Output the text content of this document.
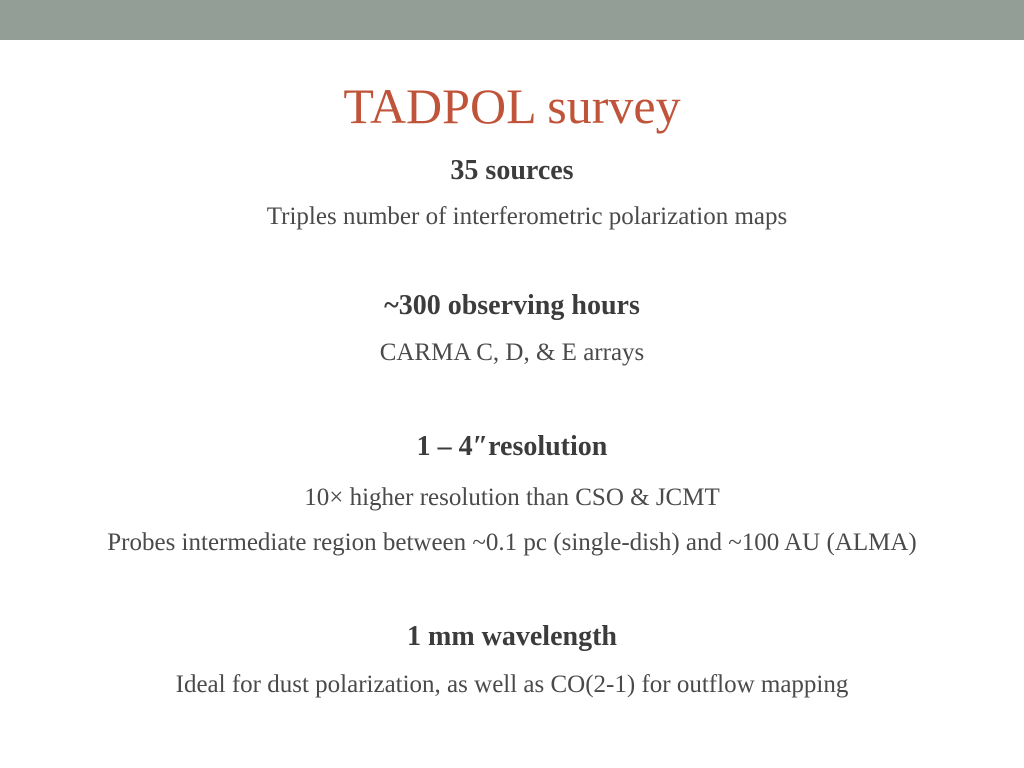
TADPOL survey
35 sources
Triples number of interferometric polarization maps
~300 observing hours
CARMA C, D, & E arrays
1 – 4″resolution
10× higher resolution than CSO & JCMT
Probes intermediate region between ~0.1 pc (single-dish) and ~100 AU (ALMA)
1 mm wavelength
Ideal for dust polarization, as well as CO(2-1) for outflow mapping
